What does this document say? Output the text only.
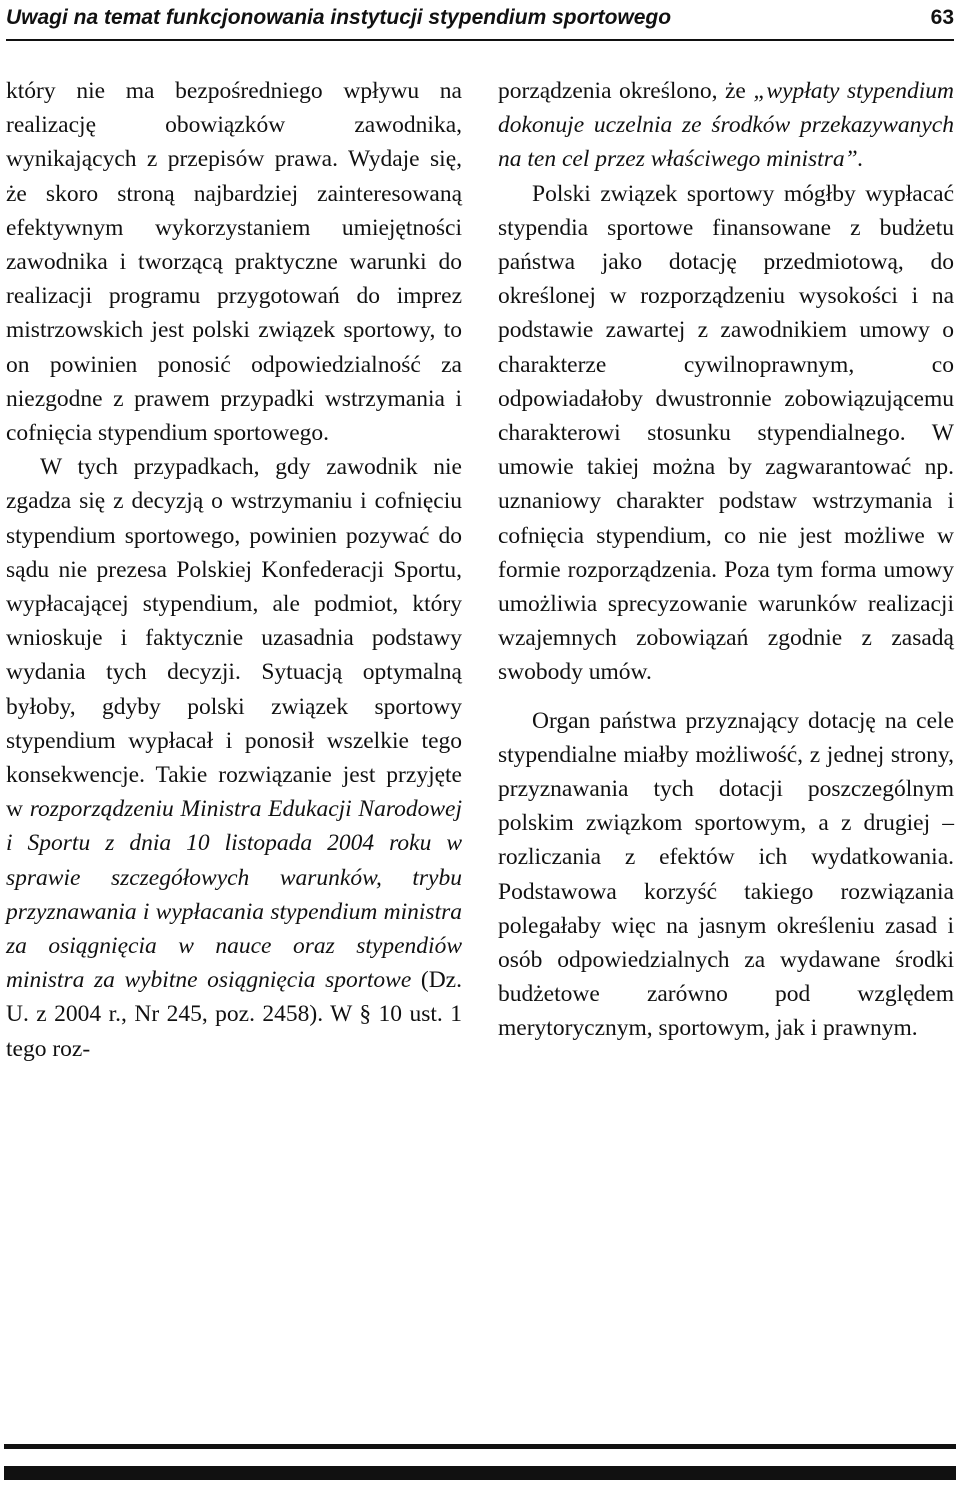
Uwagi na temat funkcjonowania instytucji stypendium sportowego	63

który nie ma bezpośredniego wpływu na realizację obowiązków zawodnika, wynikających z przepisów prawa. Wydaje się, że skoro stroną najbardziej zainteresowaną efektywnym wykorzystaniem umiejętności zawodnika i tworzącą praktyczne warunki do realizacji programu przygotowań do imprez mistrzowskich jest polski związek sportowy, to on powinien ponosić odpowiedzialność za niezgodne z prawem przypadki wstrzymania i cofnięcia stypendium sportowego.

W tych przypadkach, gdy zawodnik nie zgadza się z decyzją o wstrzymaniu i cofnięciu stypendium sportowego, powinien pozywać do sądu nie prezesa Polskiej Konfederacji Sportu, wypłacającej stypendium, ale podmiot, który wnioskuje i faktycznie uzasadnia podstawy wydania tych decyzji. Sytuacją optymalną byłoby, gdyby polski związek sportowy stypendium wypłacał i ponosił wszelkie tego konsekwencje. Takie rozwiązanie jest przyjęte w rozporządzeniu Ministra Edukacji Narodowej i Sportu z dnia 10 listopada 2004 roku w sprawie szczegółowych warunków, trybu przyznawania i wypłacania stypendium ministra za osiągnięcia w nauce oraz stypendiów ministra za wybitne osiągnięcia sportowe (Dz. U. z 2004 r., Nr 245, poz. 2458). W § 10 ust. 1 tego roz-

porządzenia określono, że „wypłaty stypendium dokonuje uczelnia ze środków przekazywanych na ten cel przez właściwego ministra”.

Polski związek sportowy mógłby wypłacać stypendia sportowe finansowane z budżetu państwa jako dotację przedmiotową, do określonej w rozporządzeniu wysokości i na podstawie zawartej z zawodnikiem umowy o charakterze cywilnoprawnym, co odpowiadałoby dwustronnie zobowiązującemu charakterowi stosunku stypendialnego. W umowie takiej można by zagwarantować np. uznaniowy charakter podstaw wstrzymania i cofnięcia stypendium, co nie jest możliwe w formie rozporządzenia. Poza tym forma umowy umożliwia sprecyzowanie warunków realizacji wzajemnych zobowiązań zgodnie z zasadą swobody umów.

Organ państwa przyznający dotację na cele stypendialne miałby możliwość, z jednej strony, przyznawania tych dotacji poszczególnym polskim związkom sportowym, a z drugiej – rozliczania z efektów ich wydatkowania. Podstawowa korzyść takiego rozwiązania polegałaby więc na jasnym określeniu zasad i osób odpowiedzialnych za wydawane środki budżetowe zarówno pod względem merytorycznym, sportowym, jak i prawnym.
